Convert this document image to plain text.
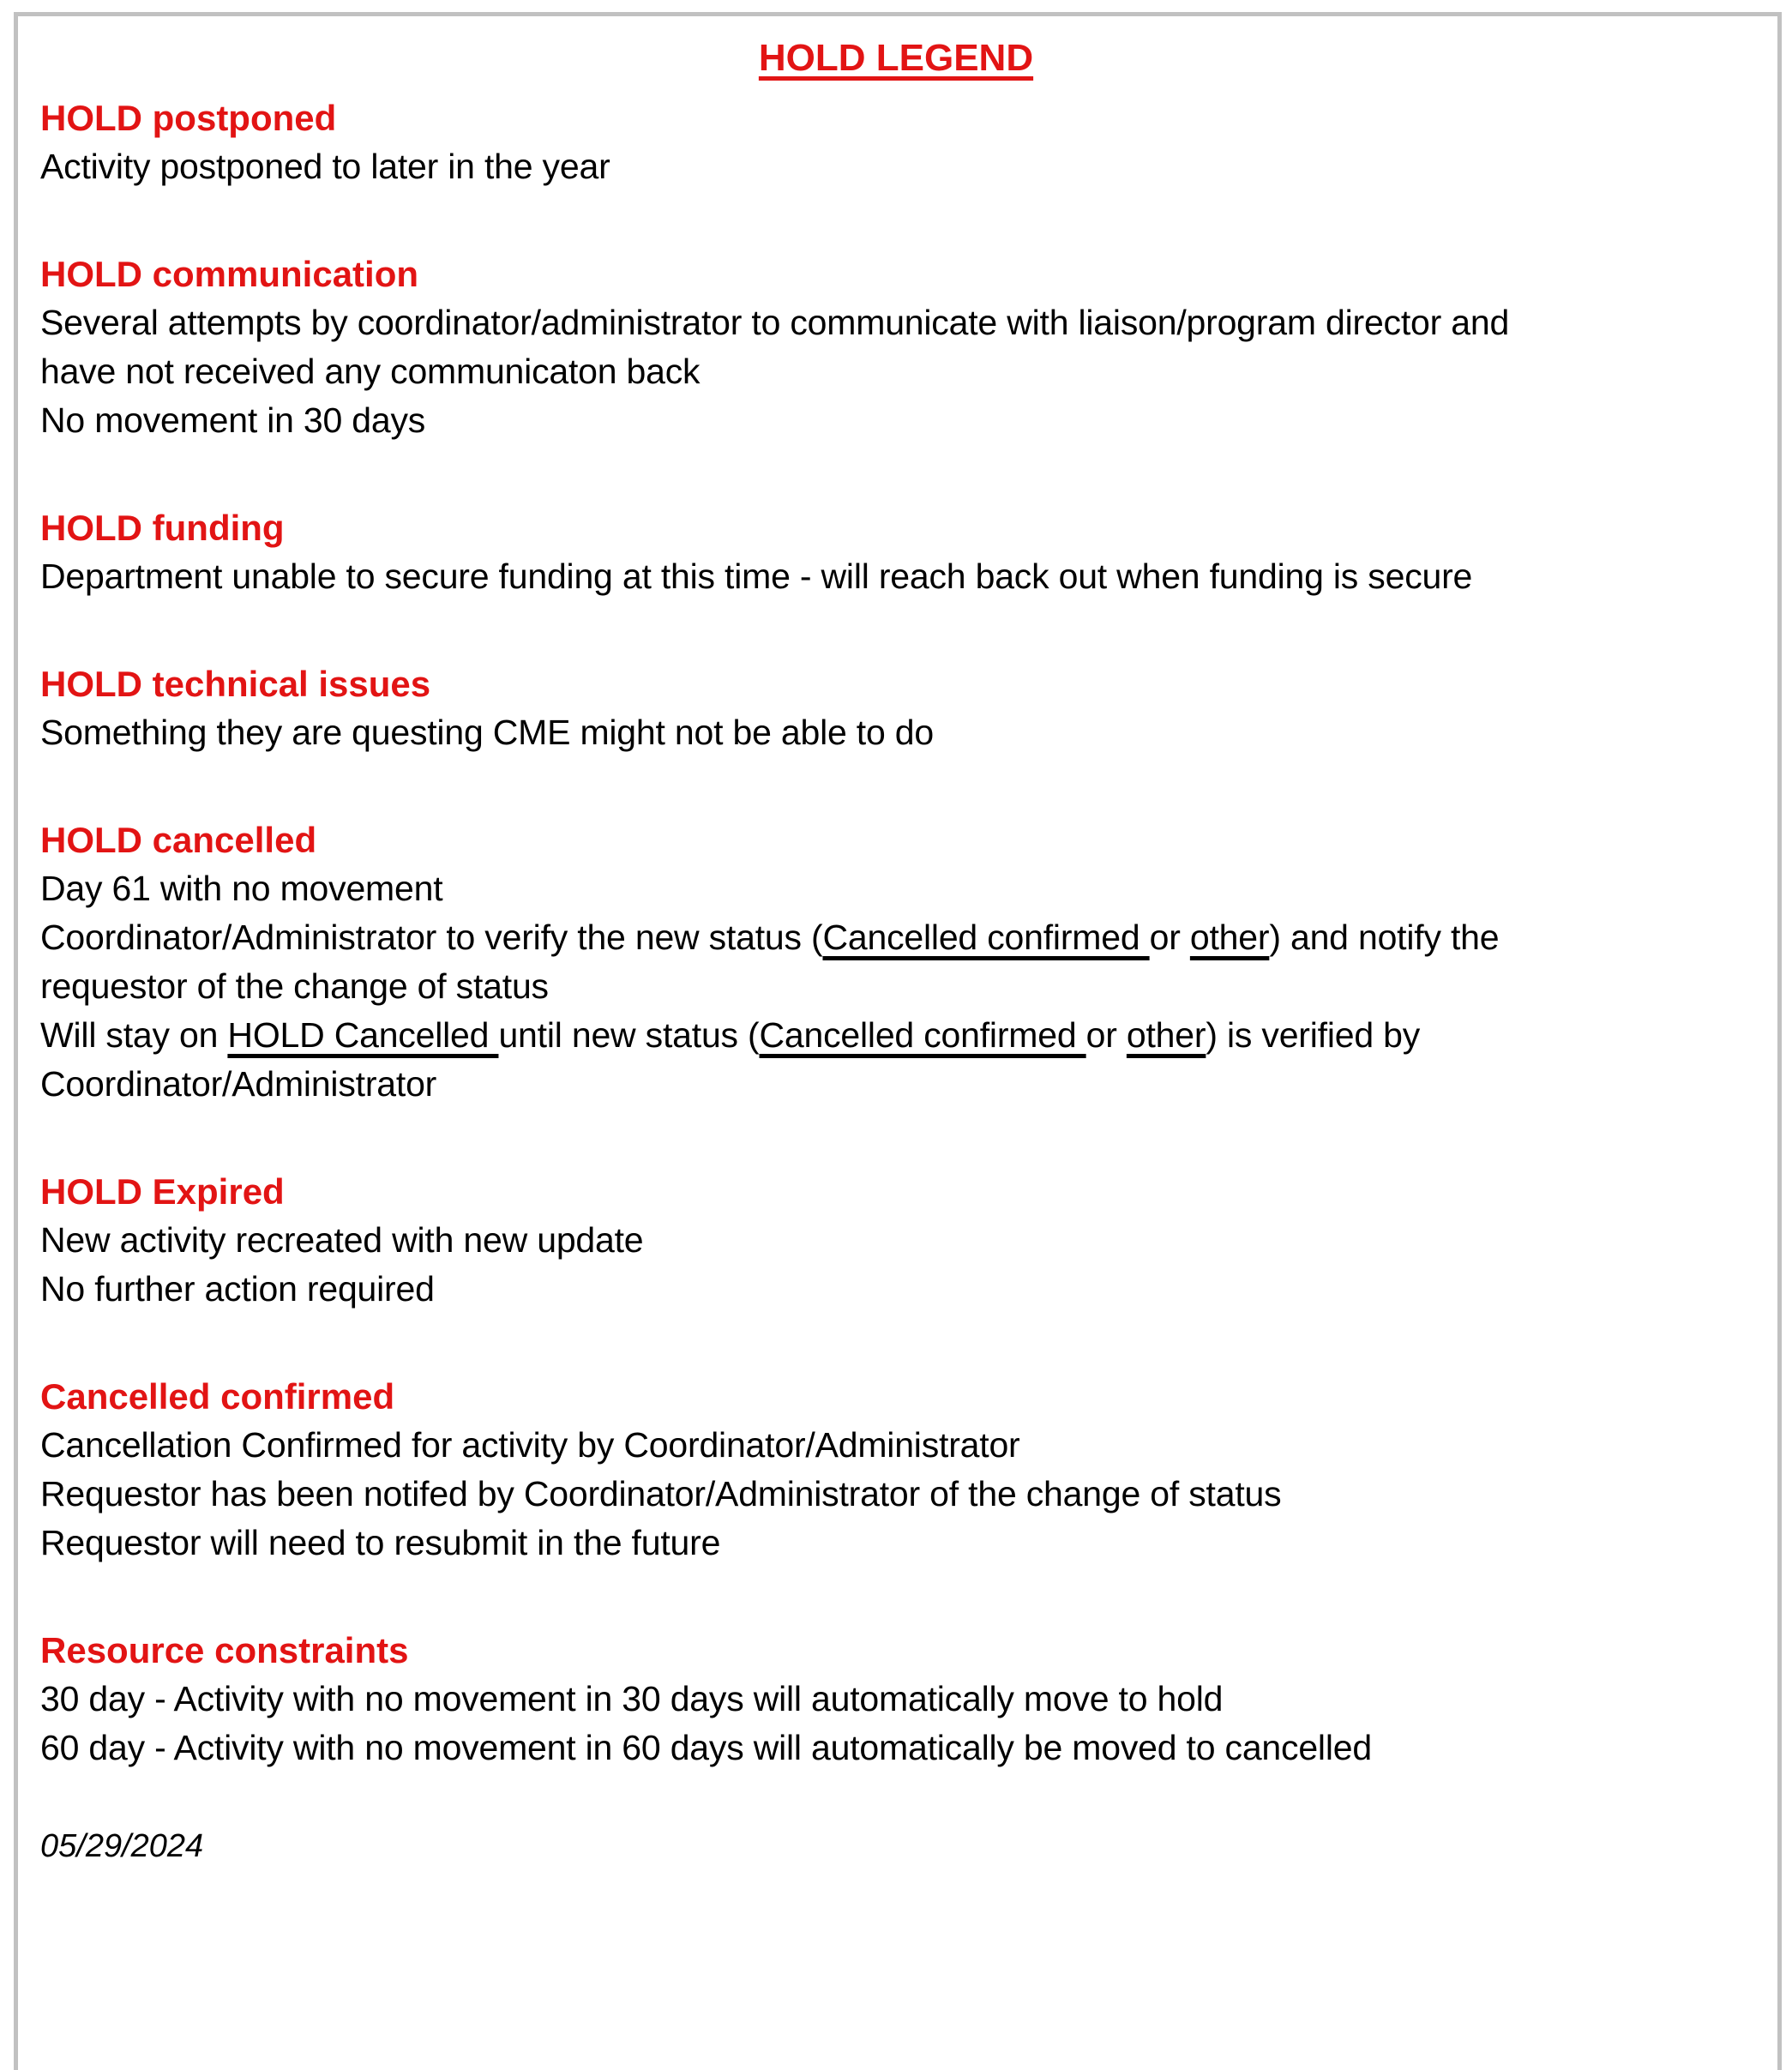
HOLD LEGEND
HOLD postponed

Activity postponed to later in the year

HOLD communication

Several attempts by coordinator/administrator to communicate with liaison/program director and

have not received any communicaton back

No movement in 30 days

HOLD funding

Department unable to secure funding at this time - will reach back out when funding is secure

HOLD technical issues

Something they are questing CME might not be able to do

HOLD cancelled

Day 61 with no movement

Coordinator/Administrator to verify the new status (Cancelled confirmed or other) and notify the

requestor of the change of status

Will stay on HOLD Cancelled until new status (Cancelled confirmed or other) is verified by

Coordinator/Administrator

HOLD Expired

New activity recreated with new update

No further action required

Cancelled confirmed

Cancellation Confirmed for activity by Coordinator/Administrator

Requestor has been notifed by Coordinator/Administrator of the change of status

Requestor will need to resubmit in the future

Resource constraints

30 day - Activity with no movement in 30 days will automatically move to hold

60 day - Activity with no movement in 60 days will automatically be moved to cancelled

05/29/2024
